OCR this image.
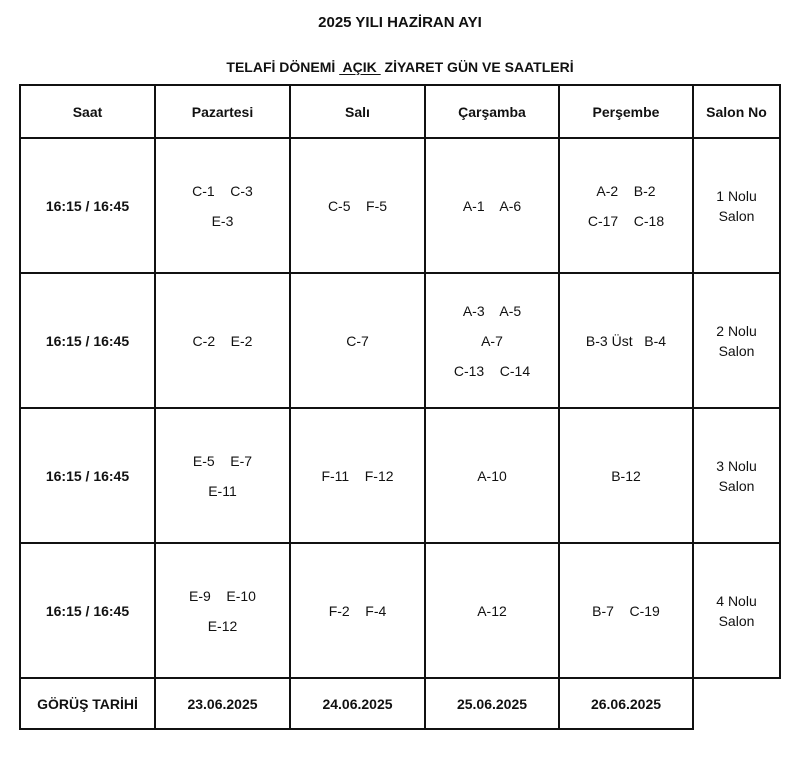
2025 YILI HAZİRAN AYI
TELAFİ DÖNEMİ  AÇIK  ZİYARET GÜN VE SAATLERİ
Saat	Pazartesi	Salı	Çarşamba	Perşembe	Salon No
16:15 / 16:45	C-1    C-3
E-3	C-5    F-5	A-1    A-6	A-2    B-2
C-17    C-18	1 Nolu
Salon
16:15 / 16:45	C-2    E-2	C-7	A-3    A-5
A-7
C-13    C-14	B-3 Üst   B-4	2 Nolu
Salon
16:15 / 16:45	E-5    E-7
E-11	F-11    F-12	A-10	B-12	3 Nolu
Salon
16:15 / 16:45	E-9    E-10
E-12	F-2    F-4	A-12	B-7    C-19	4 Nolu
Salon
GÖRÜŞ TARİHİ	23.06.2025	24.06.2025	25.06.2025	26.06.2025	
